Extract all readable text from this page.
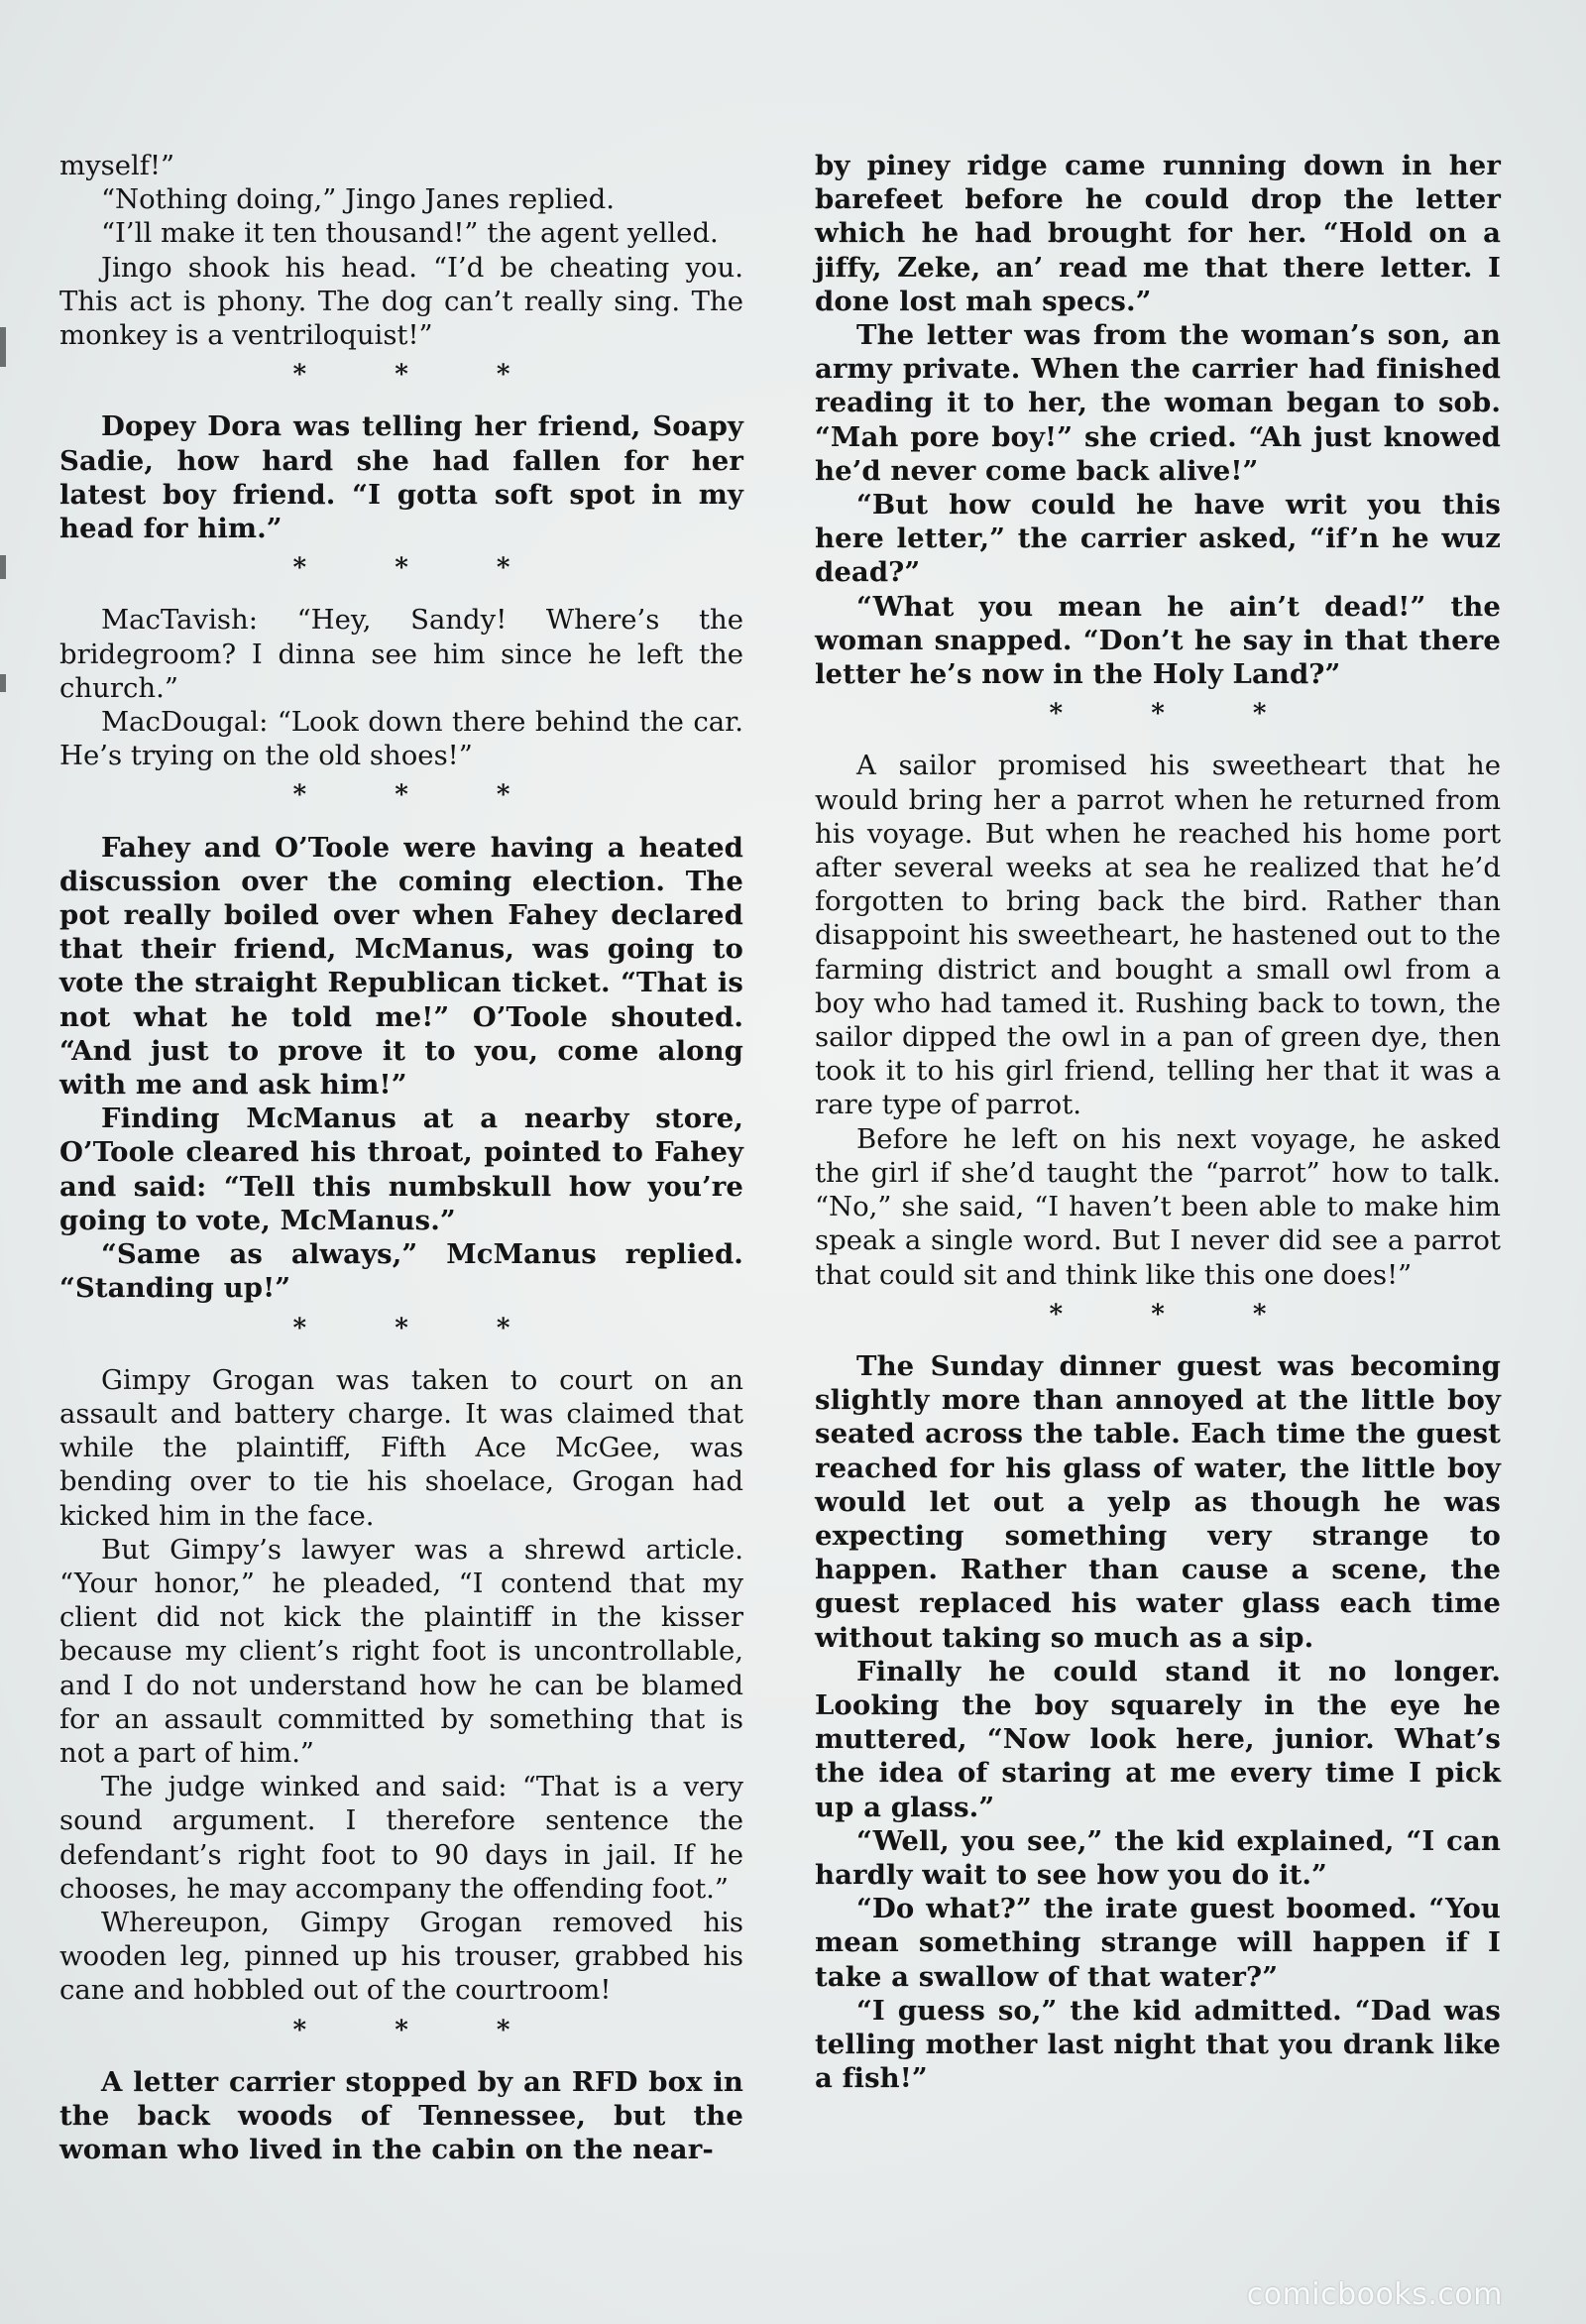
myself!”

“Nothing doing,” Jingo Janes replied.

“I’ll make it ten thousand!” the agent yelled.

Jingo shook his head. “I’d be cheating you. This act is phony. The dog can’t really sing. The monkey is a ventriloquist!”

* * *

Dopey Dora was telling her friend, Soapy Sadie, how hard she had fallen for her latest boy friend. “I gotta soft spot in my head for him.”

* * *

MacTavish: “Hey, Sandy! Where’s the bridegroom? I dinna see him since he left the church.”

MacDougal: “Look down there behind the car. He’s trying on the old shoes!”

* * *

Fahey and O’Toole were having a heated discussion over the coming election. The pot really boiled over when Fahey declared that their friend, McManus, was going to vote the straight Republican ticket. “That is not what he told me!” O’Toole shouted. “And just to prove it to you, come along with me and ask him!”

Finding McManus at a nearby store, O’Toole cleared his throat, pointed to Fahey and said: “Tell this numbskull how you’re going to vote, McManus.”

“Same as always,” McManus replied. “Standing up!”

* * *

Gimpy Grogan was taken to court on an assault and battery charge. It was claimed that while the plaintiff, Fifth Ace McGee, was bending over to tie his shoelace, Grogan had kicked him in the face.

But Gimpy’s lawyer was a shrewd article. “Your honor,” he pleaded, “I contend that my client did not kick the plaintiff in the kisser because my client’s right foot is uncontrollable, and I do not understand how he can be blamed for an assault committed by something that is not a part of him.”

The judge winked and said: “That is a very sound argument. I therefore sentence the defendant’s right foot to 90 days in jail. If he chooses, he may accompany the offending foot.”

Whereupon, Gimpy Grogan removed his wooden leg, pinned up his trouser, grabbed his cane and hobbled out of the courtroom!

* * *

A letter carrier stopped by an RFD box in the back woods of Tennessee, but the woman who lived in the cabin on the near-

by piney ridge came running down in her barefeet before he could drop the letter which he had brought for her. “Hold on a jiffy, Zeke, an’ read me that there letter. I done lost mah specs.”

The letter was from the woman’s son, an army private. When the carrier had finished reading it to her, the woman began to sob. “Mah pore boy!” she cried. “Ah just knowed he’d never come back alive!”

“But how could he have writ you this here letter,” the carrier asked, “if’n he wuz dead?”

“What you mean he ain’t dead!” the woman snapped. “Don’t he say in that there letter he’s now in the Holy Land?”

* * *

A sailor promised his sweetheart that he would bring her a parrot when he returned from his voyage. But when he reached his home port after several weeks at sea he realized that he’d forgotten to bring back the bird. Rather than disappoint his sweetheart, he hastened out to the farming district and bought a small owl from a boy who had tamed it. Rushing back to town, the sailor dipped the owl in a pan of green dye, then took it to his girl friend, telling her that it was a rare type of parrot.

Before he left on his next voyage, he asked the girl if she’d taught the “parrot” how to talk. “No,” she said, “I haven’t been able to make him speak a single word. But I never did see a parrot that could sit and think like this one does!”

* * *

The Sunday dinner guest was becoming slightly more than annoyed at the little boy seated across the table. Each time the guest reached for his glass of water, the little boy would let out a yelp as though he was expecting something very strange to happen. Rather than cause a scene, the guest replaced his water glass each time without taking so much as a sip.

Finally he could stand it no longer. Looking the boy squarely in the eye he muttered, “Now look here, junior. What’s the idea of staring at me every time I pick up a glass.”

“Well, you see,” the kid explained, “I can hardly wait to see how you do it.”

“Do what?” the irate guest boomed. “You mean something strange will happen if I take a swallow of that water?”

“I guess so,” the kid admitted. “Dad was telling mother last night that you drank like a fish!”

comicbooks.com
